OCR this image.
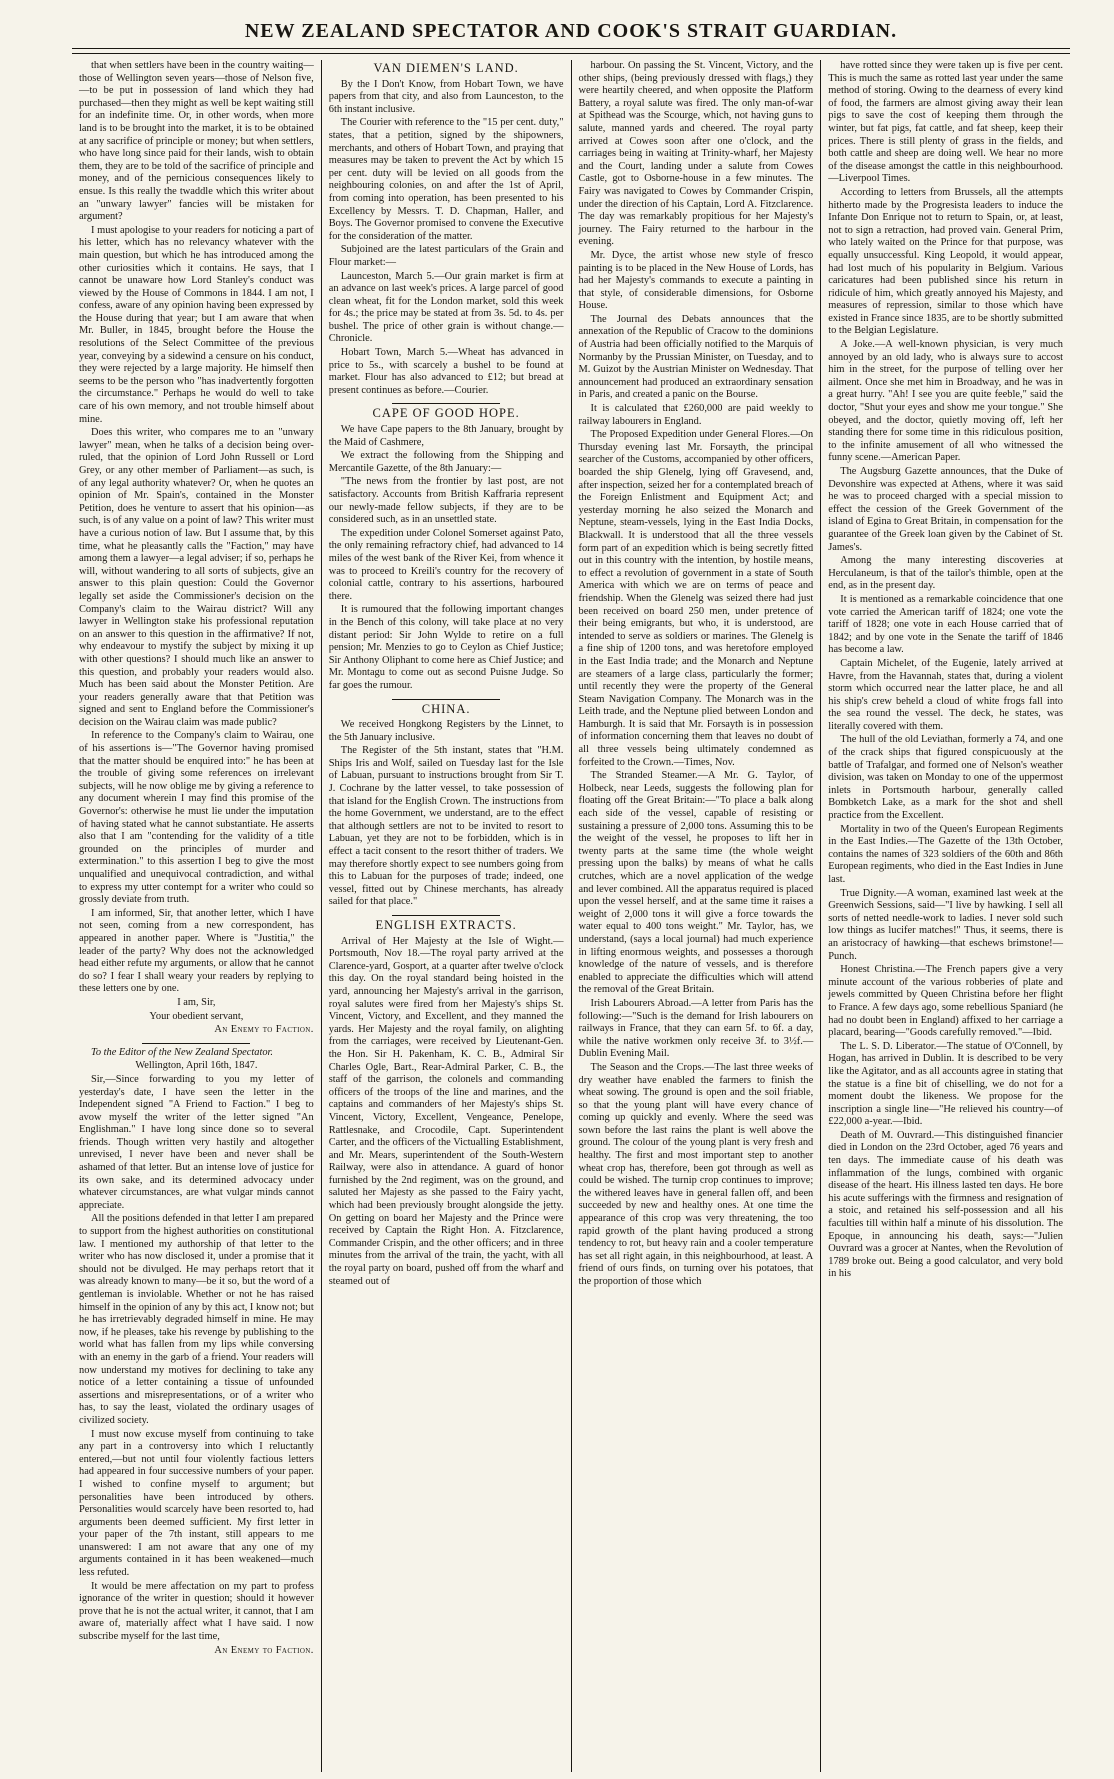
NEW ZEALAND SPECTATOR AND COOK'S STRAIT GUARDIAN.

that when settlers have been in the country waiting—those of Wellington seven years—those of Nelson five,—to be put in possession of land which they had purchased—then they might as well be kept waiting still for an indefinite time. Or, in other words, when more land is to be brought into the market, it is to be obtained at any sacrifice of principle or money; but when settlers, who have long since paid for their lands, wish to obtain them, they are to be told of the sacrifice of principle and money, and of the pernicious consequences likely to ensue. Is this really the twaddle which this writer about an "unwary lawyer" fancies will be mistaken for argument?

I must apologise to your readers for noticing a part of his letter, which has no relevancy whatever with the main question, but which he has introduced among the other curiosities which it contains. He says, that I cannot be unaware how Lord Stanley's conduct was viewed by the House of Commons in 1844. I am not, I confess, aware of any opinion having been expressed by the House during that year; but I am aware that when Mr. Buller, in 1845, brought before the House the resolutions of the Select Committee of the previous year, conveying by a sidewind a censure on his conduct, they were rejected by a large majority. He himself then seems to be the person who "has inadvertently forgotten the circumstance." Perhaps he would do well to take care of his own memory, and not trouble himself about mine.

Does this writer, who compares me to an "unwary lawyer" mean, when he talks of a decision being over-ruled, that the opinion of Lord John Russell or Lord Grey, or any other member of Parliament—as such, is of any legal authority whatever? Or, when he quotes an opinion of Mr. Spain's, contained in the Monster Petition, does he venture to assert that his opinion—as such, is of any value on a point of law? This writer must have a curious notion of law. But I assume that, by this time, what he pleasantly calls the "Faction," may have among them a lawyer—a legal adviser; if so, perhaps he will, without wandering to all sorts of subjects, give an answer to this plain question: Could the Governor legally set aside the Commissioner's decision on the Company's claim to the Wairau district? Will any lawyer in Wellington stake his professional reputation on an answer to this question in the affirmative? If not, why endeavour to mystify the subject by mixing it up with other questions? I should much like an answer to this question, and probably your readers would also. Much has been said about the Monster Petition. Are your readers generally aware that that Petition was signed and sent to England before the Commissioner's decision on the Wairau claim was made public?

In reference to the Company's claim to Wairau, one of his assertions is—"The Governor having promised that the matter should be enquired into:" he has been at the trouble of giving some references on irrelevant subjects, will he now oblige me by giving a reference to any document wherein I may find this promise of the Governor's: otherwise he must lie under the imputation of having stated what he cannot substantiate. He asserts also that I am "contending for the validity of a title grounded on the principles of murder and extermination." to this assertion I beg to give the most unqualified and unequivocal contradiction, and withal to express my utter contempt for a writer who could so grossly deviate from truth.

I am informed, Sir, that another letter, which I have not seen, coming from a new correspondent, has appeared in another paper. Where is "Justitia," the leader of the party? Why does not the acknowledged head either refute my arguments, or allow that he cannot do so? I fear I shall weary your readers by replying to these letters one by one.

I am, Sir,

Your obedient servant,

An Enemy to Faction.

To the Editor of the New Zealand Spectator.

Wellington, April 16th, 1847.

Sir,—Since forwarding to you my letter of yesterday's date, I have seen the letter in the Independent signed "A Friend to Faction." I beg to avow myself the writer of the letter signed "An Englishman." I have long since done so to several friends. Though written very hastily and altogether unrevised, I never have been and never shall be ashamed of that letter. But an intense love of justice for its own sake, and its determined advocacy under whatever circumstances, are what vulgar minds cannot appreciate.

All the positions defended in that letter I am prepared to support from the highest authorities on constitutional law. I mentioned my authorship of that letter to the writer who has now disclosed it, under a promise that it should not be divulged. He may perhaps retort that it was already known to many—be it so, but the word of a gentleman is inviolable. Whether or not he has raised himself in the opinion of any by this act, I know not; but he has irretrievably degraded himself in mine. He may now, if he pleases, take his revenge by publishing to the world what has fallen from my lips while conversing with an enemy in the garb of a friend. Your readers will now understand my motives for declining to take any notice of a letter containing a tissue of unfounded assertions and misrepresentations, or of a writer who has, to say the least, violated the ordinary usages of civilized society.

I must now excuse myself from continuing to take any part in a controversy into which I reluctantly entered,—but not until four violently factious letters had appeared in four successive numbers of your paper. I wished to confine myself to argument; but personalities have been introduced by others. Personalities would scarcely have been resorted to, had arguments been deemed sufficient. My first letter in your paper of the 7th instant, still appears to me unanswered: I am not aware that any one of my arguments contained in it has been weakened—much less refuted.

It would be mere affectation on my part to profess ignorance of the writer in question; should it however prove that he is not the actual writer, it cannot, that I am aware of, materially affect what I have said. I now subscribe myself for the last time,

An Enemy to Faction.

VAN DIEMEN'S LAND.

By the I Don't Know, from Hobart Town, we have papers from that city, and also from Launceston, to the 6th instant inclusive.

The Courier with reference to the "15 per cent. duty," states, that a petition, signed by the shipowners, merchants, and others of Hobart Town, and praying that measures may be taken to prevent the Act by which 15 per cent. duty will be levied on all goods from the neighbouring colonies, on and after the 1st of April, from coming into operation, has been presented to his Excellency by Messrs. T. D. Chapman, Haller, and Boys. The Governor promised to convene the Executive for the consideration of the matter.

Subjoined are the latest particulars of the Grain and Flour market:—

Launceston, March 5.—Our grain market is firm at an advance on last week's prices. A large parcel of good clean wheat, fit for the London market, sold this week for 4s.; the price may be stated at from 3s. 5d. to 4s. per bushel. The price of other grain is without change.—Chronicle.

Hobart Town, March 5.—Wheat has advanced in price to 5s., with scarcely a bushel to be found at market. Flour has also advanced to £12; but bread at present continues as before.—Courier.

CAPE OF GOOD HOPE.

We have Cape papers to the 8th January, brought by the Maid of Cashmere,

We extract the following from the Shipping and Mercantile Gazette, of the 8th January:—

"The news from the frontier by last post, are not satisfactory. Accounts from British Kaffraria represent our newly-made fellow subjects, if they are to be considered such, as in an unsettled state.

The expedition under Colonel Somerset against Pato, the only remaining refractory chief, had advanced to 14 miles of the west bank of the River Kei, from whence it was to proceed to Kreili's country for the recovery of colonial cattle, contrary to his assertions, harboured there.

It is rumoured that the following important changes in the Bench of this colony, will take place at no very distant period: Sir John Wylde to retire on a full pension; Mr. Menzies to go to Ceylon as Chief Justice; Sir Anthony Oliphant to come here as Chief Justice; and Mr. Montagu to come out as second Puisne Judge. So far goes the rumour.

CHINA.

We received Hongkong Registers by the Linnet, to the 5th January inclusive.

The Register of the 5th instant, states that "H.M. Ships Iris and Wolf, sailed on Tuesday last for the Isle of Labuan, pursuant to instructions brought from Sir T. J. Cochrane by the latter vessel, to take possession of that island for the English Crown. The instructions from the home Government, we understand, are to the effect that although settlers are not to be invited to resort to Labuan, yet they are not to be forbidden, which is in effect a tacit consent to the resort thither of traders. We may therefore shortly expect to see numbers going from this to Labuan for the purposes of trade; indeed, one vessel, fitted out by Chinese merchants, has already sailed for that place."

ENGLISH EXTRACTS.

Arrival of Her Majesty at the Isle of Wight.—Portsmouth, Nov 18.—The royal party arrived at the Clarence-yard, Gosport, at a quarter after twelve o'clock this day. On the royal standard being hoisted in the yard, announcing her Majesty's arrival in the garrison, royal salutes were fired from her Majesty's ships St. Vincent, Victory, and Excellent, and they manned the yards. Her Majesty and the royal family, on alighting from the carriages, were received by Lieutenant-Gen. the Hon. Sir H. Pakenham, K. C. B., Admiral Sir Charles Ogle, Bart., Rear-Admiral Parker, C. B., the staff of the garrison, the colonels and commanding officers of the troops of the line and marines, and the captains and commanders of her Majesty's ships St. Vincent, Victory, Excellent, Vengeance, Penelope, Rattlesnake, and Crocodile, Capt. Superintendent Carter, and the officers of the Victualling Establishment, and Mr. Mears, superintendent of the South-Western Railway, were also in attendance. A guard of honor furnished by the 2nd regiment, was on the ground, and saluted her Majesty as she passed to the Fairy yacht, which had been previously brought alongside the jetty. On getting on board her Majesty and the Prince were received by Captain the Right Hon. A. Fitzclarence, Commander Crispin, and the other officers; and in three minutes from the arrival of the train, the yacht, with all the royal party on board, pushed off from the wharf and steamed out of

harbour. On passing the St. Vincent, Victory, and the other ships, (being previously dressed with flags,) they were heartily cheered, and when opposite the Platform Battery, a royal salute was fired. The only man-of-war at Spithead was the Scourge, which, not having guns to salute, manned yards and cheered. The royal party arrived at Cowes soon after one o'clock, and the carriages being in waiting at Trinity-wharf, her Majesty and the Court, landing under a salute from Cowes Castle, got to Osborne-house in a few minutes. The Fairy was navigated to Cowes by Commander Crispin, under the direction of his Captain, Lord A. Fitzclarence. The day was remarkably propitious for her Majesty's journey. The Fairy returned to the harbour in the evening.

Mr. Dyce, the artist whose new style of fresco painting is to be placed in the New House of Lords, has had her Majesty's commands to execute a painting in that style, of considerable dimensions, for Osborne House.

The Journal des Debats announces that the annexation of the Republic of Cracow to the dominions of Austria had been officially notified to the Marquis of Normanby by the Prussian Minister, on Tuesday, and to M. Guizot by the Austrian Minister on Wednesday. That announcement had produced an extraordinary sensation in Paris, and created a panic on the Bourse.

It is calculated that £260,000 are paid weekly to railway labourers in England.

The Proposed Expedition under General Flores.—On Thursday evening last Mr. Forsayth, the principal searcher of the Customs, accompanied by other officers, boarded the ship Glenelg, lying off Gravesend, and, after inspection, seized her for a contemplated breach of the Foreign Enlistment and Equipment Act; and yesterday morning he also seized the Monarch and Neptune, steam-vessels, lying in the East India Docks, Blackwall. It is understood that all the three vessels form part of an expedition which is being secretly fitted out in this country with the intention, by hostile means, to effect a revolution of government in a state of South America with which we are on terms of peace and friendship. When the Glenelg was seized there had just been received on board 250 men, under pretence of their being emigrants, but who, it is understood, are intended to serve as soldiers or marines. The Glenelg is a fine ship of 1200 tons, and was heretofore employed in the East India trade; and the Monarch and Neptune are steamers of a large class, particularly the former; until recently they were the property of the General Steam Navigation Company. The Monarch was in the Leith trade, and the Neptune plied between London and Hamburgh. It is said that Mr. Forsayth is in possession of information concerning them that leaves no doubt of all three vessels being ultimately condemned as forfeited to the Crown.—Times, Nov.

The Stranded Steamer.—A Mr. G. Taylor, of Holbeck, near Leeds, suggests the following plan for floating off the Great Britain:—"To place a balk along each side of the vessel, capable of resisting or sustaining a pressure of 2,000 tons. Assuming this to be the weight of the vessel, he proposes to lift her in twenty parts at the same time (the whole weight pressing upon the balks) by means of what he calls crutches, which are a novel application of the wedge and lever combined. All the apparatus required is placed upon the vessel herself, and at the same time it raises a weight of 2,000 tons it will give a force towards the water equal to 400 tons weight." Mr. Taylor, has, we understand, (says a local journal) had much experience in lifting enormous weights, and possesses a thorough knowledge of the nature of vessels, and is therefore enabled to appreciate the difficulties which will attend the removal of the Great Britain.

Irish Labourers Abroad.—A letter from Paris has the following:—"Such is the demand for Irish labourers on railways in France, that they can earn 5f. to 6f. a day, while the native workmen only receive 3f. to 3½f.—Dublin Evening Mail.

The Season and the Crops.—The last three weeks of dry weather have enabled the farmers to finish the wheat sowing. The ground is open and the soil friable, so that the young plant will have every chance of coming up quickly and evenly. Where the seed was sown before the last rains the plant is well above the ground. The colour of the young plant is very fresh and healthy. The first and most important step to another wheat crop has, therefore, been got through as well as could be wished. The turnip crop continues to improve; the withered leaves have in general fallen off, and been succeeded by new and healthy ones. At one time the appearance of this crop was very threatening, the too rapid growth of the plant having produced a strong tendency to rot, but heavy rain and a cooler temperature has set all right again, in this neighbourhood, at least. A friend of ours finds, on turning over his potatoes, that the proportion of those which

have rotted since they were taken up is five per cent. This is much the same as rotted last year under the same method of storing. Owing to the dearness of every kind of food, the farmers are almost giving away their lean pigs to save the cost of keeping them through the winter, but fat pigs, fat cattle, and fat sheep, keep their prices. There is still plenty of grass in the fields, and both cattle and sheep are doing well. We hear no more of the disease amongst the cattle in this neighbourhood.—Liverpool Times.

According to letters from Brussels, all the attempts hitherto made by the Progresista leaders to induce the Infante Don Enrique not to return to Spain, or, at least, not to sign a retraction, had proved vain. General Prim, who lately waited on the Prince for that purpose, was equally unsuccessful. King Leopold, it would appear, had lost much of his popularity in Belgium. Various caricatures had been published since his return in ridicule of him, which greatly annoyed his Majesty, and measures of repression, similar to those which have existed in France since 1835, are to be shortly submitted to the Belgian Legislature.

A Joke.—A well-known physician, is very much annoyed by an old lady, who is always sure to accost him in the street, for the purpose of telling over her ailment. Once she met him in Broadway, and he was in a great hurry. "Ah! I see you are quite feeble," said the doctor, "Shut your eyes and show me your tongue." She obeyed, and the doctor, quietly moving off, left her standing there for some time in this ridiculous position, to the infinite amusement of all who witnessed the funny scene.—American Paper.

The Augsburg Gazette announces, that the Duke of Devonshire was expected at Athens, where it was said he was to proceed charged with a special mission to effect the cession of the Greek Government of the island of Egina to Great Britain, in compensation for the guarantee of the Greek loan given by the Cabinet of St. James's.

Among the many interesting discoveries at Herculaneum, is that of the tailor's thimble, open at the end, as in the present day.

It is mentioned as a remarkable coincidence that one vote carried the American tariff of 1824; one vote the tariff of 1828; one vote in each House carried that of 1842; and by one vote in the Senate the tariff of 1846 has become a law.

Captain Michelet, of the Eugenie, lately arrived at Havre, from the Havannah, states that, during a violent storm which occurred near the latter place, he and all his ship's crew beheld a cloud of white frogs fall into the sea round the vessel. The deck, he states, was literally covered with them.

The hull of the old Leviathan, formerly a 74, and one of the crack ships that figured conspicuously at the battle of Trafalgar, and formed one of Nelson's weather division, was taken on Monday to one of the uppermost inlets in Portsmouth harbour, generally called Bombketch Lake, as a mark for the shot and shell practice from the Excellent.

Mortality in two of the Queen's European Regiments in the East Indies.—The Gazette of the 13th October, contains the names of 323 soldiers of the 60th and 86th European regiments, who died in the East Indies in June last.

True Dignity.—A woman, examined last week at the Greenwich Sessions, said—"I live by hawking. I sell all sorts of netted needle-work to ladies. I never sold such low things as lucifer matches!" Thus, it seems, there is an aristocracy of hawking—that eschews brimstone!—Punch.

Honest Christina.—The French papers give a very minute account of the various robberies of plate and jewels committed by Queen Christina before her flight to France. A few days ago, some rebellious Spaniard (he had no doubt been in England) affixed to her carriage a placard, bearing—"Goods carefully removed."—Ibid.

The L. S. D. Liberator.—The statue of O'Connell, by Hogan, has arrived in Dublin. It is described to be very like the Agitator, and as all accounts agree in stating that the statue is a fine bit of chiselling, we do not for a moment doubt the likeness. We propose for the inscription a single line—"He relieved his country—of £22,000 a-year.—Ibid.

Death of M. Ouvrard.—This distinguished financier died in London on the 23rd October, aged 76 years and ten days. The immediate cause of his death was inflammation of the lungs, combined with organic disease of the heart. His illness lasted ten days. He bore his acute sufferings with the firmness and resignation of a stoic, and retained his self-possession and all his faculties till within half a minute of his dissolution. The Epoque, in announcing his death, says:—"Julien Ouvrard was a grocer at Nantes, when the Revolution of 1789 broke out. Being a good calculator, and very bold in his
